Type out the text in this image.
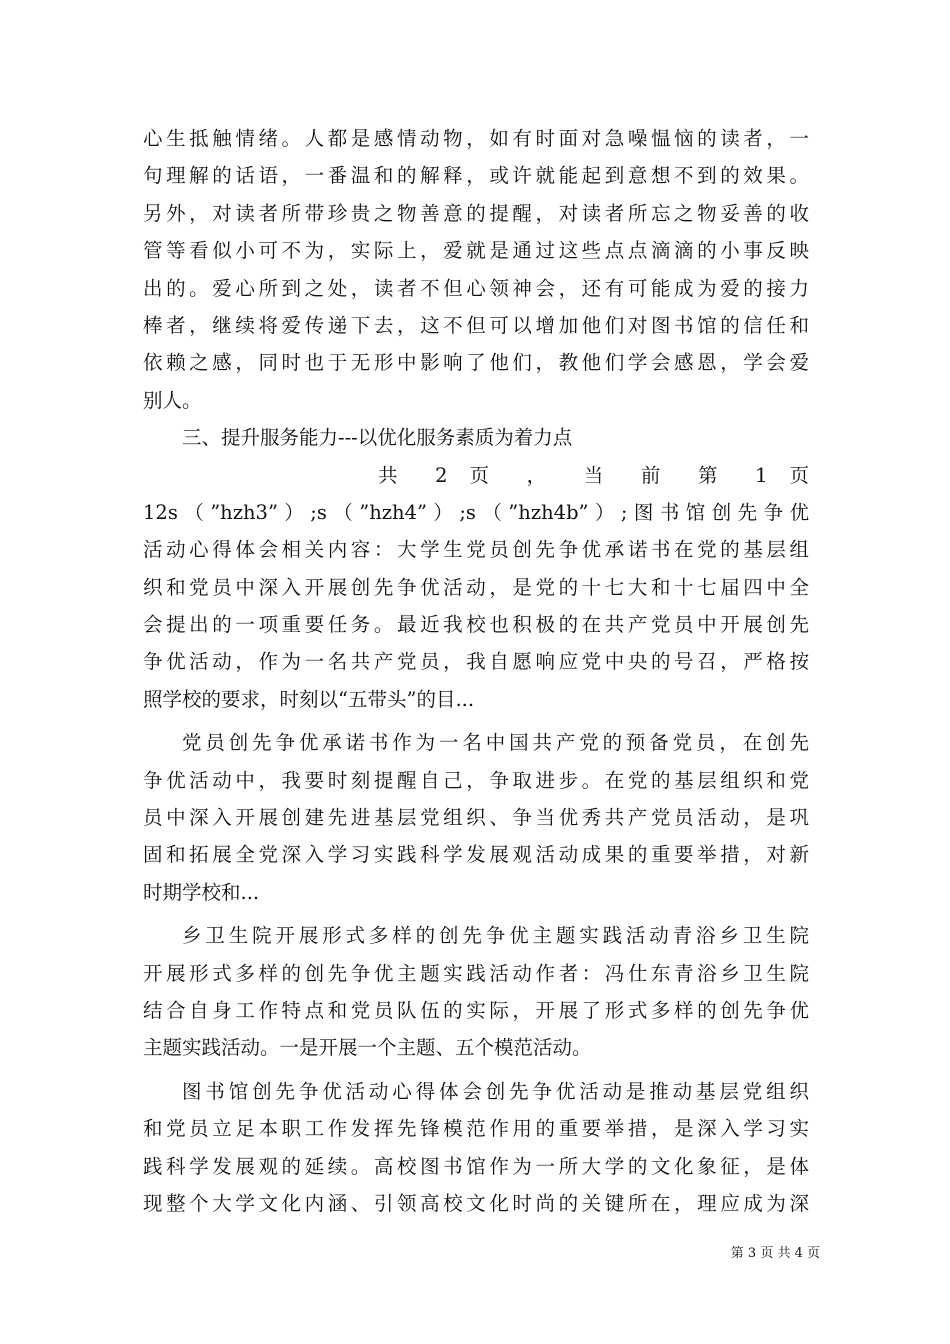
心生抵触情绪。人都是感情动物，如有时面对急噪愠恼的读者，一
句理解的话语，一番温和的解释，或许就能起到意想不到的效果。
另外，对读者所带珍贵之物善意的提醒，对读者所忘之物妥善的收
管等看似小可不为，实际上，爱就是通过这些点点滴滴的小事反映
出的。爱心所到之处，读者不但心领神会，还有可能成为爱的接力
棒者，继续将爱传递下去，这不但可以增加他们对图书馆的信任和
依赖之感，同时也于无形中影响了他们，教他们学会感恩，学会爱
别人。
三、提升服务能力---以优化服务素质为着力点
共 2 页 ， 当 前 第 1 页
12s（”hzh3”）;s（”hzh4”）;s（”hzh4b”）;图书馆创先争优
活动心得体会相关内容：大学生党员创先争优承诺书在党的基层组
织和党员中深入开展创先争优活动，是党的十七大和十七届四中全
会提出的一项重要任务。最近我校也积极的在共产党员中开展创先
争优活动，作为一名共产党员，我自愿响应党中央的号召，严格按
照学校的要求，时刻以“五带头”的目...
党员创先争优承诺书作为一名中国共产党的预备党员，在创先
争优活动中，我要时刻提醒自己，争取进步。在党的基层组织和党
员中深入开展创建先进基层党组织、争当优秀共产党员活动，是巩
固和拓展全党深入学习实践科学发展观活动成果的重要举措，对新
时期学校和...
乡卫生院开展形式多样的创先争优主题实践活动青浴乡卫生院
开展形式多样的创先争优主题实践活动作者：冯仕东青浴乡卫生院
结合自身工作特点和党员队伍的实际，开展了形式多样的创先争优
主题实践活动。一是开展一个主题、五个模范活动。
图书馆创先争优活动心得体会创先争优活动是推动基层党组织
和党员立足本职工作发挥先锋模范作用的重要举措，是深入学习实
践科学发展观的延续。高校图书馆作为一所大学的文化象征，是体
现整个大学文化内涵、引领高校文化时尚的关键所在，理应成为深
第 3 页 共 4 页
